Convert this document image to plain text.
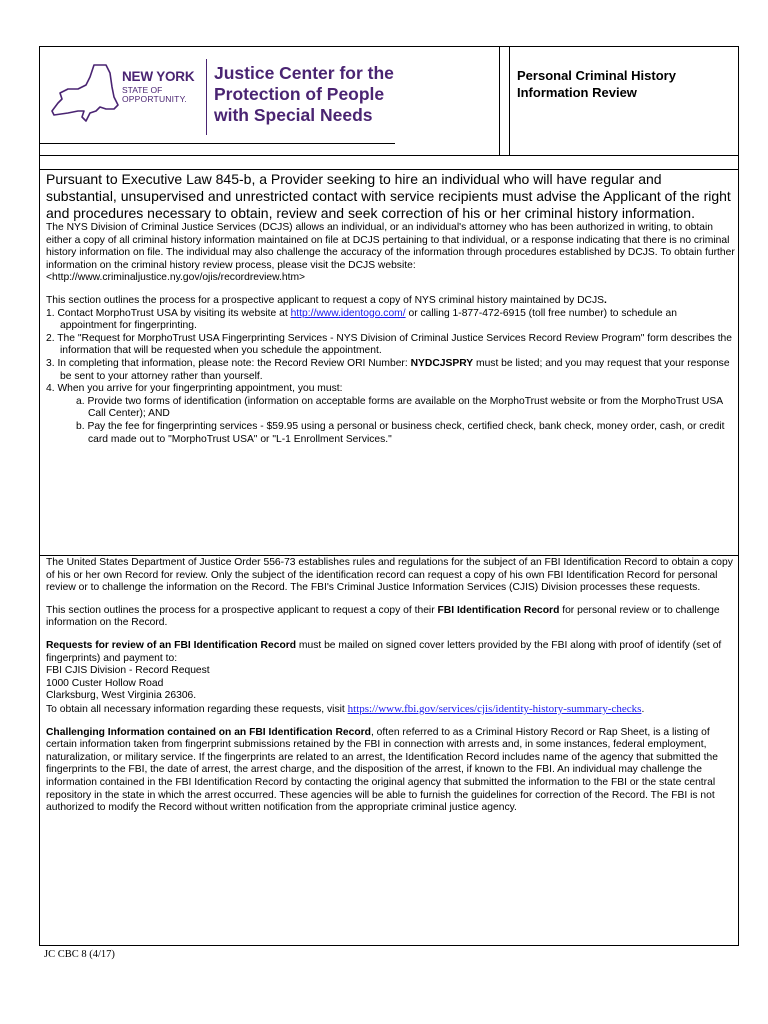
NEW YORK
STATE OF
OPPORTUNITY.
Justice Center for the
Protection of People
with Special Needs
Personal Criminal History
Information Review

Pursuant to Executive Law 845-b, a Provider seeking to hire an individual who will have regular and substantial, unsupervised and unrestricted contact with service recipients must advise the Applicant of the right and procedures necessary to obtain, review and seek correction of his or her criminal history information.

The NYS Division of Criminal Justice Services (DCJS) allows an individual, or an individual's attorney who has been authorized in writing, to obtain either a copy of all criminal history information maintained on file at DCJS pertaining to that individual, or a response indicating that there is no criminal history information on file. The individual may also challenge the accuracy of the information through procedures established by DCJS. To obtain further information on the criminal history review process, please visit the DCJS website:

<http://www.criminaljustice.ny.gov/ojis/recordreview.htm>

This section outlines the process for a prospective applicant to request a copy of NYS criminal history maintained by DCJS.

1. Contact MorphoTrust USA by visiting its website at http://www.identogo.com/ or calling 1-877-472-6915 (toll free number) to schedule an appointment for fingerprinting.

2. The "Request for MorphoTrust USA Fingerprinting Services - NYS Division of Criminal Justice Services Record Review Program" form describes the information that will be requested when you schedule the appointment.

3. In completing that information, please note: the Record Review ORI Number: NYDCJSPRY must be listed; and you may request that your response be sent to your attorney rather than yourself.

4. When you arrive for your fingerprinting appointment, you must:

a. Provide two forms of identification (information on acceptable forms are available on the MorphoTrust website or from the MorphoTrust USA Call Center); AND

b. Pay the fee for fingerprinting services - $59.95 using a personal or business check, certified check, bank check, money order, cash, or credit card made out to "MorphoTrust USA" or "L-1 Enrollment Services."

The United States Department of Justice Order 556-73 establishes rules and regulations for the subject of an FBI Identification Record to obtain a copy of his or her own Record for review. Only the subject of the identification record can request a copy of his own FBI Identification Record for personal review or to challenge the information on the Record. The FBI's Criminal Justice Information Services (CJIS) Division processes these requests.

This section outlines the process for a prospective applicant to request a copy of their FBI Identification Record for personal review or to challenge information on the Record.

Requests for review of an FBI Identification Record must be mailed on signed cover letters provided by the FBI along with proof of identify (set of fingerprints) and payment to:

FBI CJIS Division - Record Request

1000 Custer Hollow Road

Clarksburg, West Virginia 26306.

To obtain all necessary information regarding these requests, visit https://www.fbi.gov/services/cjis/identity-history-summary-checks.

Challenging Information contained on an FBI Identification Record, often referred to as a Criminal History Record or Rap Sheet, is a listing of certain information taken from fingerprint submissions retained by the FBI in connection with arrests and, in some instances, federal employment, naturalization, or military service. If the fingerprints are related to an arrest, the Identification Record includes name of the agency that submitted the fingerprints to the FBI, the date of arrest, the arrest charge, and the disposition of the arrest, if known to the FBI. An individual may challenge the information contained in the FBI Identification Record by contacting the original agency that submitted the information to the FBI or the state central repository in the state in which the arrest occurred. These agencies will be able to furnish the guidelines for correction of the Record. The FBI is not authorized to modify the Record without written notification from the appropriate criminal justice agency.

JC CBC 8 (4/17)
